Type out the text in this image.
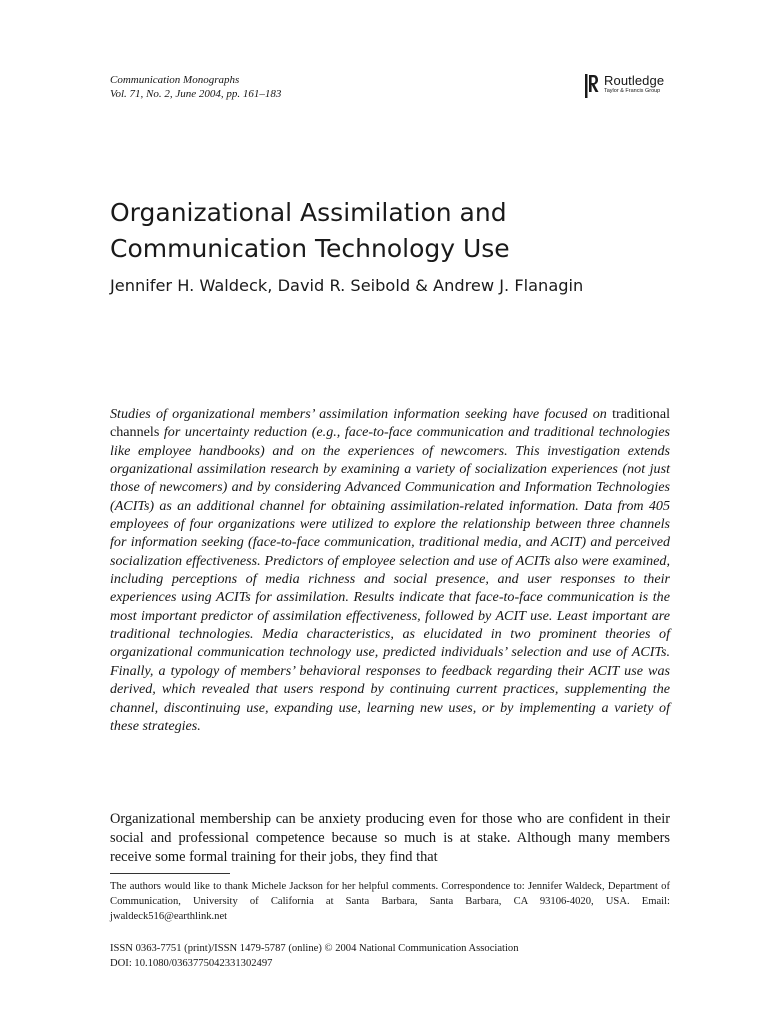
Communication Monographs
Vol. 71, No. 2, June 2004, pp. 161–183
Routledge
Taylor & Francis Group
Organizational Assimilation and Communication Technology Use
Jennifer H. Waldeck, David R. Seibold & Andrew J. Flanagin
Studies of organizational members’ assimilation information seeking have focused on traditional channels for uncertainty reduction (e.g., face-to-face communication and traditional technologies like employee handbooks) and on the experiences of newcomers. This investigation extends organizational assimilation research by examining a variety of socialization experiences (not just those of newcomers) and by considering Advanced Communication and Information Technologies (ACITs) as an additional channel for obtaining assimilation-related information. Data from 405 employees of four organizations were utilized to explore the relationship between three channels for information seeking (face-to-face communication, traditional media, and ACIT) and perceived socialization effectiveness. Predictors of employee selection and use of ACITs also were examined, including perceptions of media richness and social presence, and user responses to their experiences using ACITs for assimilation. Results indicate that face-to-face communication is the most important predictor of assimilation effectiveness, followed by ACIT use. Least important are traditional technologies. Media characteristics, as elucidated in two prominent theories of organizational communication technology use, predicted individuals’ selection and use of ACITs. Finally, a typology of members’ behavioral responses to feedback regarding their ACIT use was derived, which revealed that users respond by continuing current practices, supplementing the channel, discontinuing use, expanding use, learning new uses, or by implementing a variety of these strategies.
Organizational membership can be anxiety producing even for those who are confident in their social and professional competence because so much is at stake. Although many members receive some formal training for their jobs, they find that
The authors would like to thank Michele Jackson for her helpful comments. Correspondence to: Jennifer Waldeck, Department of Communication, University of California at Santa Barbara, Santa Barbara, CA 93106-4020, USA. Email: jwaldeck516@earthlink.net
ISSN 0363-7751 (print)/ISSN 1479-5787 (online) © 2004 National Communication Association
DOI: 10.1080/0363775042331302497
